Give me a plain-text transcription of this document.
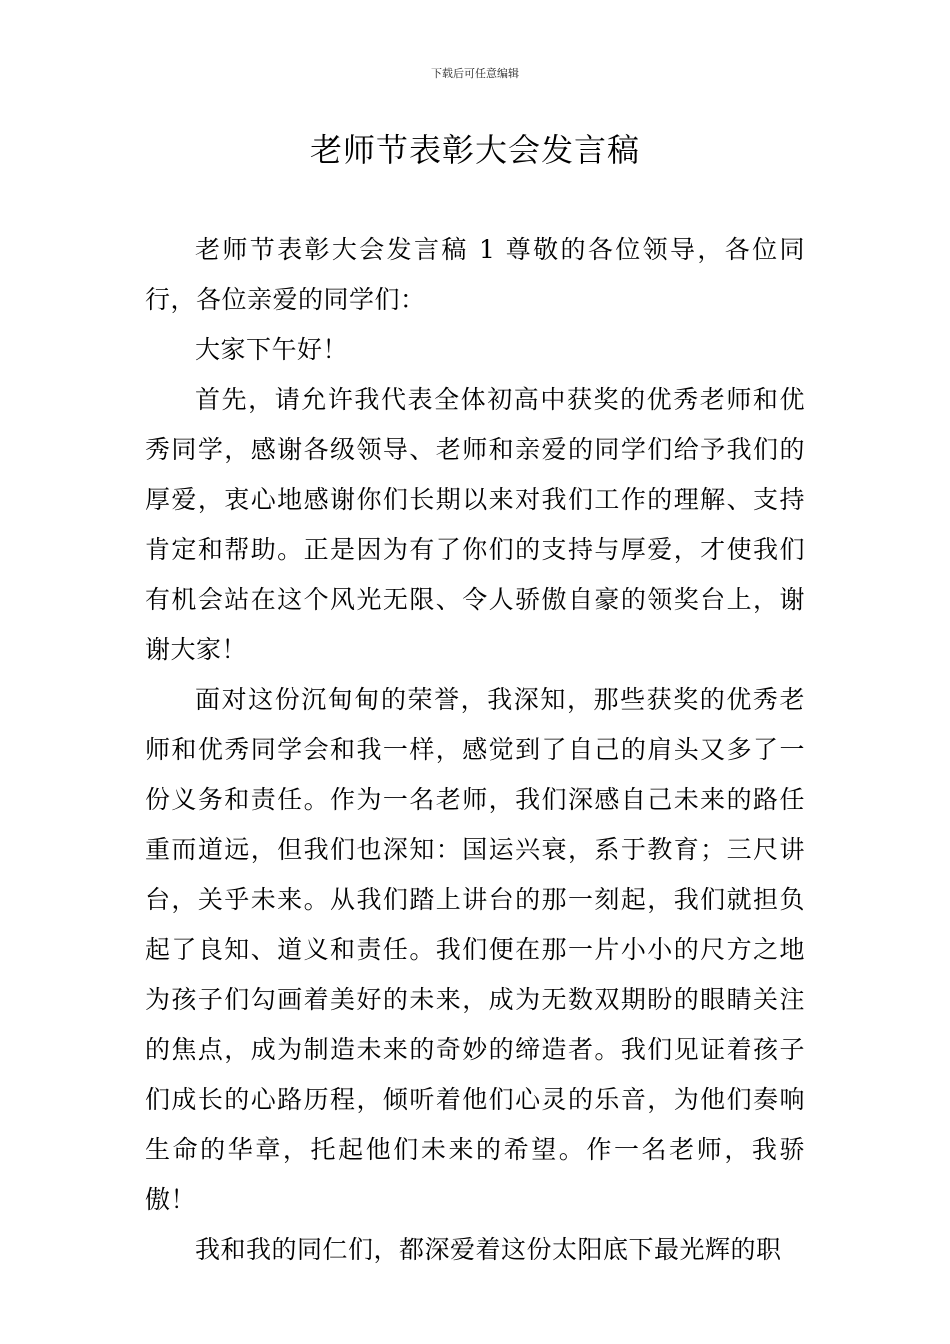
下载后可任意编辑
老师节表彰大会发言稿

老师节表彰大会发言稿 1 尊敬的各位领导，各位同行，各位亲爱的同学们：

大家下午好！

首先，请允许我代表全体初高中获奖的优秀老师和优秀同学，感谢各级领导、老师和亲爱的同学们给予我们的厚爱，衷心地感谢你们长期以来对我们工作的理解、支持肯定和帮助。正是因为有了你们的支持与厚爱，才使我们有机会站在这个风光无限、令人骄傲自豪的领奖台上，谢谢大家！

面对这份沉甸甸的荣誉，我深知，那些获奖的优秀老师和优秀同学会和我一样，感觉到了自己的肩头又多了一份义务和责任。作为一名老师，我们深感自己未来的路任重而道远，但我们也深知：国运兴衰，系于教育；三尺讲台，关乎未来。从我们踏上讲台的那一刻起，我们就担负起了良知、道义和责任。我们便在那一片小小的尺方之地为孩子们勾画着美好的未来，成为无数双期盼的眼睛关注的焦点，成为制造未来的奇妙的缔造者。我们见证着孩子们成长的心路历程，倾听着他们心灵的乐音，为他们奏响生命的华章，托起他们未来的希望。作一名老师，我骄傲！

我和我的同仁们，都深爱着这份太阳底下最光辉的职
